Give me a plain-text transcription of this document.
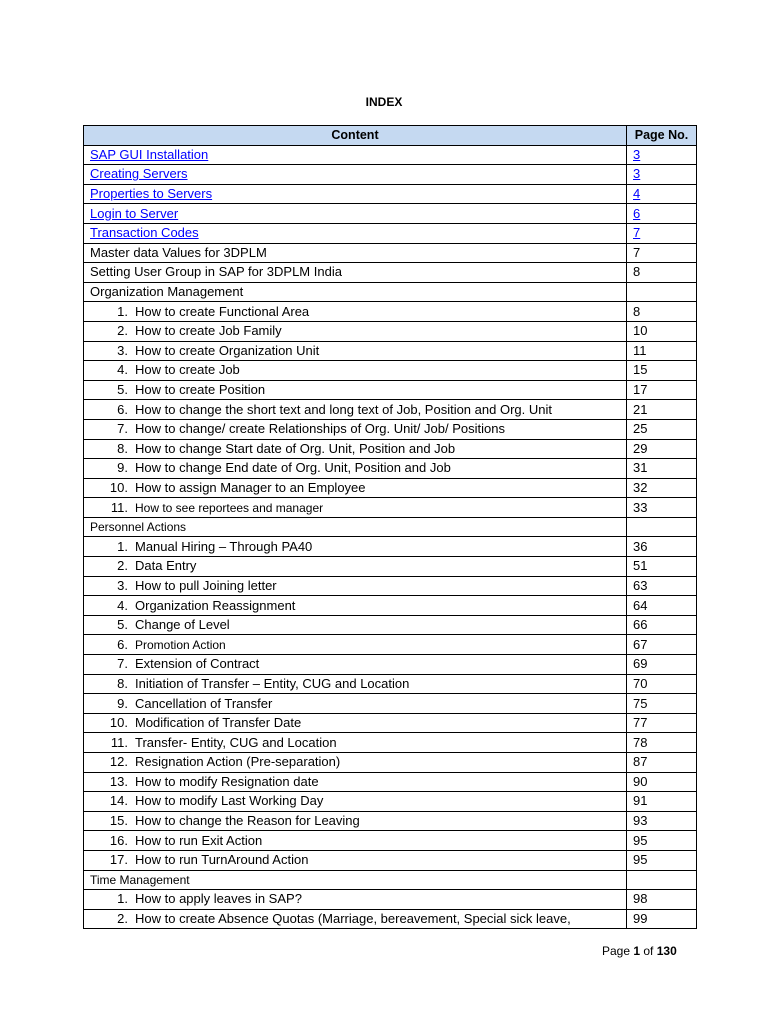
INDEX
Content	Page No.
SAP GUI Installation	3
Creating Servers	3
Properties to Servers	4
Login to Server	6
Transaction Codes	7
Master data Values for 3DPLM	7
Setting User Group in SAP for 3DPLM India	8
Organization Management	
1. How to create Functional Area	8
2. How to create Job Family	10
3. How to create Organization Unit	11
4. How to create Job	15
5. How to create Position	17
6. How to change the short text and long text of Job, Position and Org. Unit	21
7. How to change/ create Relationships of Org. Unit/ Job/ Positions	25
8. How to change Start date of Org. Unit, Position and Job	29
9. How to change End date of Org. Unit, Position and Job	31
10. How to assign Manager to an Employee	32
11. How to see reportees and manager	33
Personnel Actions	
1. Manual Hiring – Through PA40	36
2. Data Entry	51
3. How to pull Joining letter	63
4. Organization Reassignment	64
5. Change of Level	66
6. Promotion Action	67
7. Extension of Contract	69
8. Initiation of Transfer – Entity, CUG and Location	70
9. Cancellation of Transfer	75
10. Modification of Transfer Date	77
11. Transfer- Entity, CUG and Location	78
12. Resignation Action (Pre-separation)	87
13. How to modify Resignation date	90
14. How to modify Last Working Day	91
15. How to change the Reason for Leaving	93
16. How to run Exit Action	95
17. How to run TurnAround Action	95
Time Management	
1. How to apply leaves in SAP?	98
2. How to create Absence Quotas (Marriage, bereavement, Special sick leave,	99
Page 1 of 130
